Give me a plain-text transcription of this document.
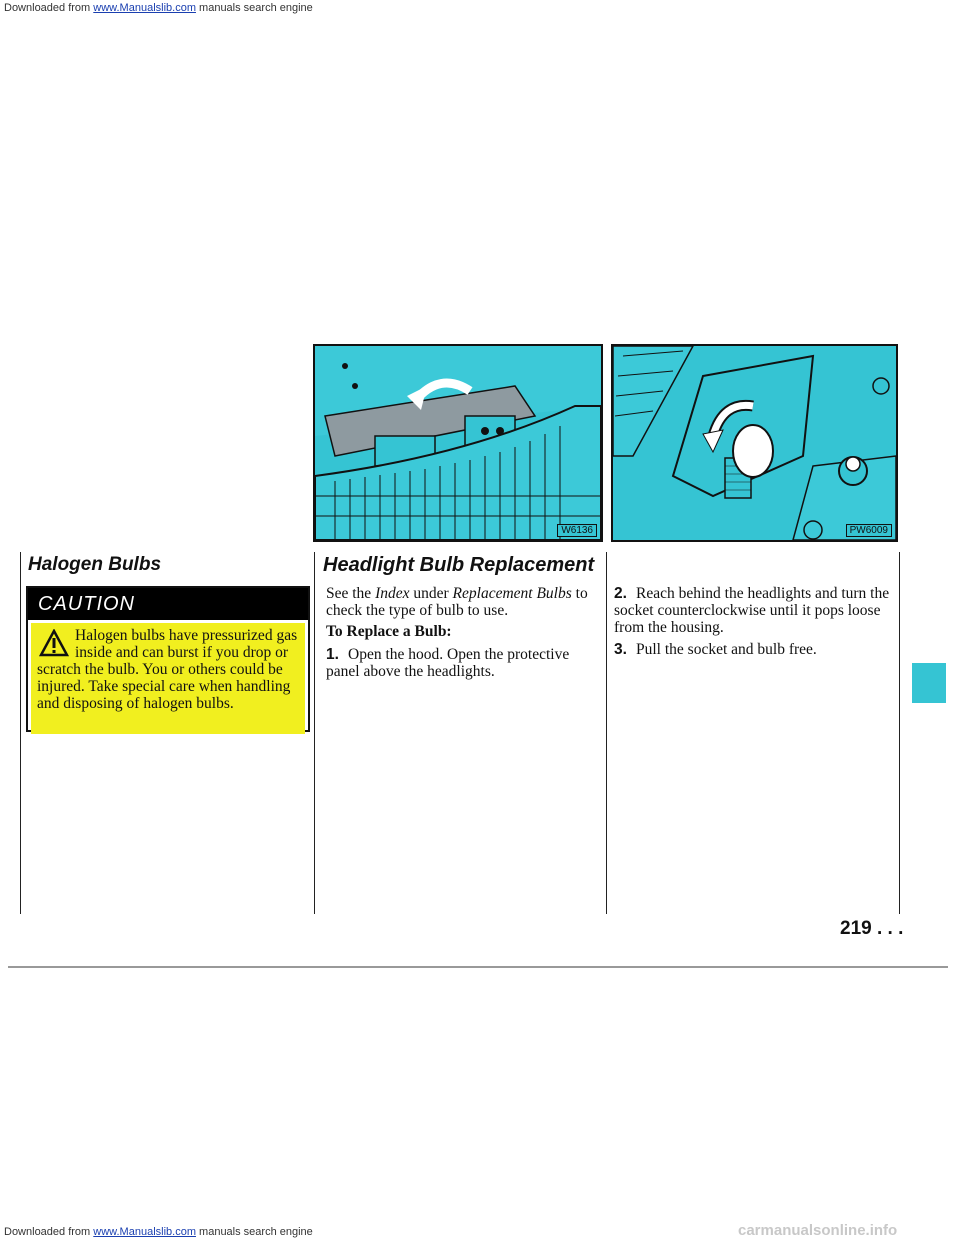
Downloaded from www.Manualslib.com manuals search engine
W6136	PW6009
Halogen Bulbs
CAUTION
Halogen bulbs have pressurized gas inside and can burst if you drop or scratch the bulb. You or others could be injured. Take special care when handling and disposing of halogen bulbs.
Headlight Bulb Replacement

See the Index under Replacement Bulbs to check the type of bulb to use.

To Replace a Bulb:

1. Open the hood. Open the protective panel above the headlights.
2. Reach behind the headlights and turn the socket counterclockwise until it pops loose from the housing.
3. Pull the socket and bulb free.
219 . . .
Downloaded from www.Manualslib.com manuals search engine	carmanualsonline.info
